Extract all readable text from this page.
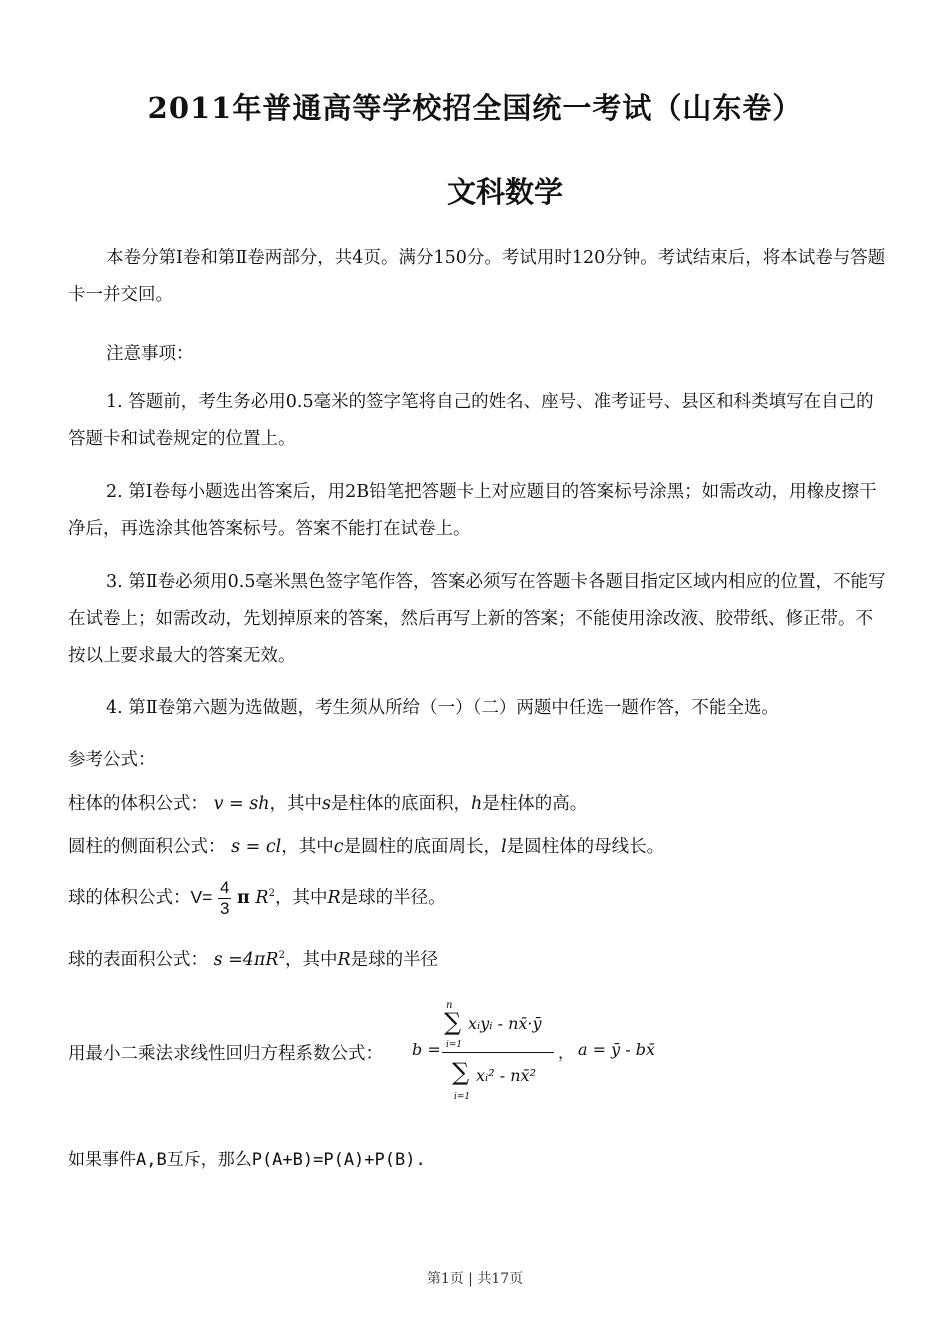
2011年普通高等学校招全国统一考试（山东卷）
文科数学

本卷分第Ⅰ卷和第Ⅱ卷两部分，共4页。满分150分。考试用时120分钟。考试结束后，将本试卷与答题卡一并交回。

注意事项：

1. 答题前，考生务必用0.5毫米的签字笔将自己的姓名、座号、准考证号、县区和科类填写在自己的答题卡和试卷规定的位置上。

2. 第Ⅰ卷每小题选出答案后，用2B铅笔把答题卡上对应题目的答案标号涂黑；如需改动，用橡皮擦干净后，再选涂其他答案标号。答案不能打在试卷上。

3. 第Ⅱ卷必须用0.5毫米黑色签字笔作答，答案必须写在答题卡各题目指定区域内相应的位置，不能写在试卷上；如需改动，先划掉原来的答案，然后再写上新的答案；不能使用涂改液、胶带纸、修正带。不按以上要求最大的答案无效。

4. 第Ⅱ卷第六题为选做题，考生须从所给（一）（二）两题中任选一题作答，不能全选。

参考公式：
柱体的体积公式： v = sh，其中s是柱体的底面积，h是柱体的高。
圆柱的侧面积公式： s = cl，其中c是圆柱的底面周长，l是圆柱体的母线长。
球的体积公式：$V= \frac{4}{3}$ π $R^2$，其中R是球的半径。
球的表面积公式： $s =4\pi R^2$，其中R是球的半径
用最小二乘法求线性回归方程系数公式： b =
n
∑
i=1
xᵢyᵢ - nx̄·ȳ
∑
i=1
xᵢ² - nx̄²
， a = ȳ - bx̄
如果事件A,B互斥，那么P(A+B)=P(A)+P(B).
第1页 | 共17页
